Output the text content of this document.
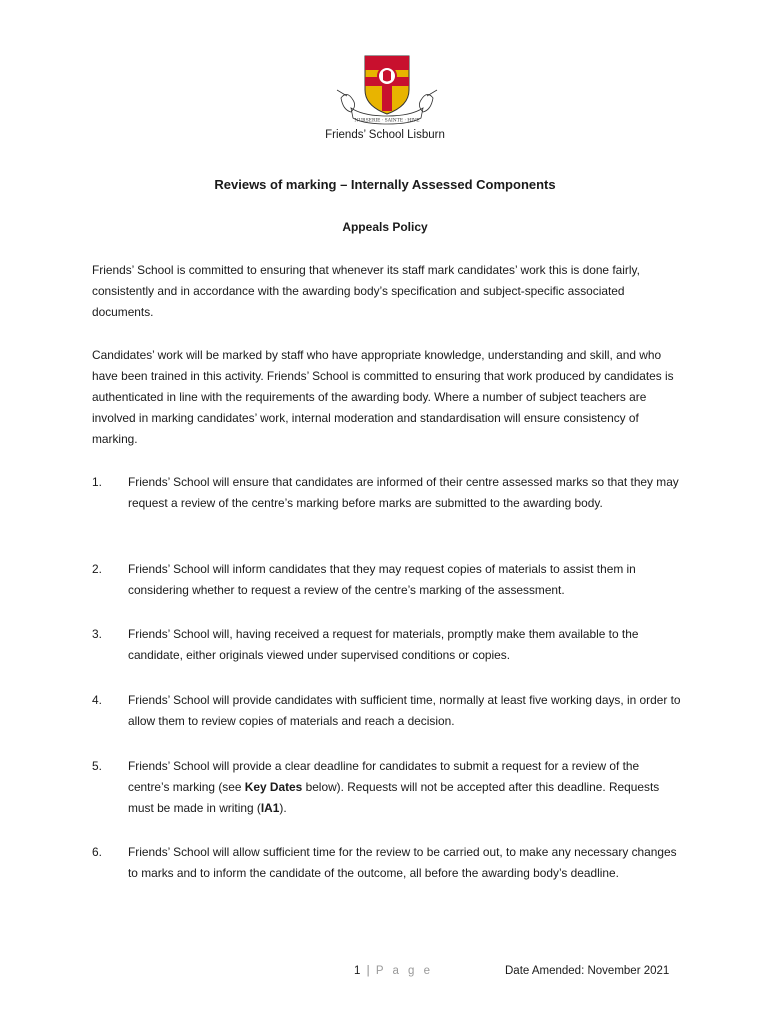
NURSERIE · SAINTE · HIVE
Friends’ School Lisburn
Reviews of marking – Internally Assessed Components
Appeals Policy

Friends’ School is committed to ensuring that whenever its staff mark candidates’ work this is done fairly, consistently and in accordance with the awarding body’s specification and subject-specific associated documents.

Candidates’ work will be marked by staff who have appropriate knowledge, understanding and skill, and who have been trained in this activity. Friends’ School is committed to ensuring that work produced by candidates is authenticated in line with the requirements of the awarding body. Where a number of subject teachers are involved in marking candidates’ work, internal moderation and standardisation will ensure consistency of marking.

1. Friends’ School will ensure that candidates are informed of their centre assessed marks so that they may request a review of the centre’s marking before marks are submitted to the awarding body.
2. Friends’ School will inform candidates that they may request copies of materials to assist them in considering whether to request a review of the centre’s marking of the assessment.
3. Friends’ School will, having received a request for materials, promptly make them available to the candidate, either originals viewed under supervised conditions or copies.
4. Friends’ School will provide candidates with sufficient time, normally at least five working days, in order to allow them to review copies of materials and reach a decision.
5. Friends’ School will provide a clear deadline for candidates to submit a request for a review of the centre’s marking (see Key Dates below). Requests will not be accepted after this deadline. Requests must be made in writing (IA1).
6. Friends’ School will allow sufficient time for the review to be carried out, to make any necessary changes to marks and to inform the candidate of the outcome, all before the awarding body’s deadline.
1 | P a g e	Date Amended: November 2021
